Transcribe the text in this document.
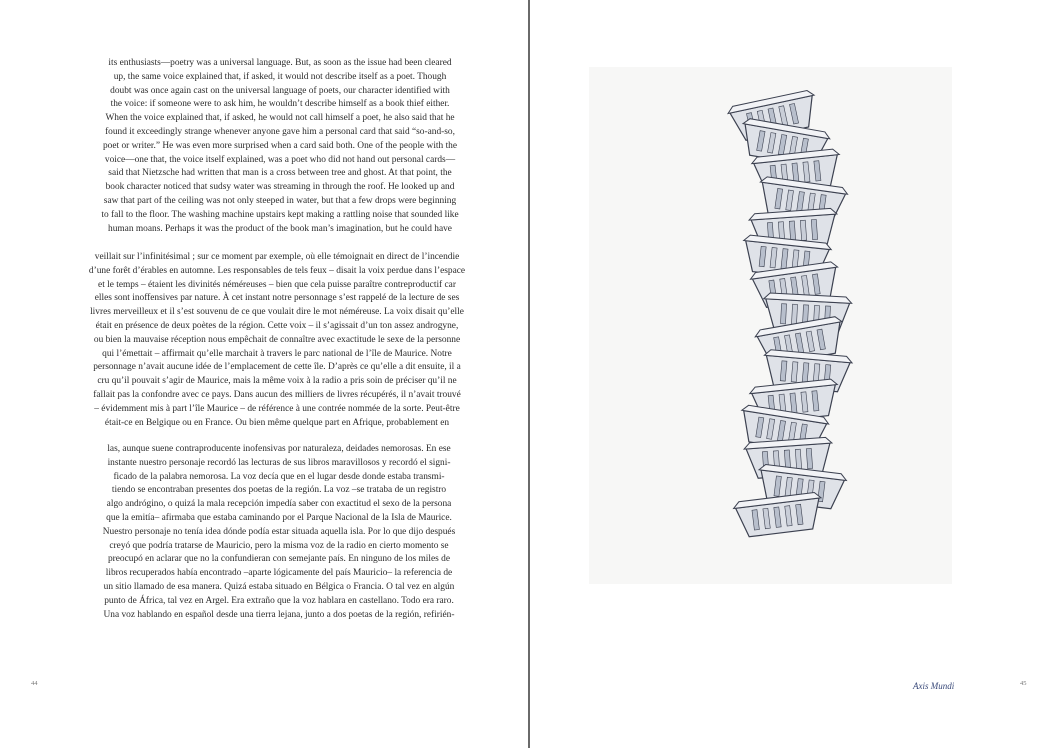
its enthusiasts—poetry was a universal language. But, as soon as the issue had been cleared
up, the same voice explained that, if asked, it would not describe itself as a poet. Though
doubt was once again cast on the universal language of poets, our character identified with
the voice: if someone were to ask him, he wouldn’t describe himself as a book thief either.
When the voice explained that, if asked, he would not call himself a poet, he also said that he
found it exceedingly strange whenever anyone gave him a personal card that said “so-and-so,
poet or writer.” He was even more surprised when a card said both. One of the people with the
voice—one that, the voice itself explained, was a poet who did not hand out personal cards—
said that Nietzsche had written that man is a cross between tree and ghost. At that point, the
book character noticed that sudsy water was streaming in through the roof. He looked up and
saw that part of the ceiling was not only steeped in water, but that a few drops were beginning
to fall to the floor. The washing machine upstairs kept making a rattling noise that sounded like
human moans. Perhaps it was the product of the book man’s imagination, but he could have
veillait sur l’infinitésimal ; sur ce moment par exemple, où elle témoignait en direct de l’incendie
d’une forêt d’érables en automne. Les responsables de tels feux – disait la voix perdue dans l’espace
et le temps – étaient les divinités néméreuses – bien que cela puisse paraître contreproductif car
elles sont inoffensives par nature. À cet instant notre personnage s’est rappelé de la lecture de ses
livres merveilleux et il s’est souvenu de ce que voulait dire le mot néméreuse. La voix disait qu’elle
était en présence de deux poètes de la région. Cette voix – il s’agissait d’un ton assez androgyne,
ou bien la mauvaise réception nous empêchait de connaître avec exactitude le sexe de la personne
qui l’émettait – affirmait qu’elle marchait à travers le parc national de l’île de Maurice. Notre
personnage n’avait aucune idée de l’emplacement de cette île. D’après ce qu’elle a dit ensuite, il a
cru qu’il pouvait s’agir de Maurice, mais la même voix à la radio a pris soin de préciser qu’il ne
fallait pas la confondre avec ce pays. Dans aucun des milliers de livres récupérés, il n’avait trouvé
– évidemment mis à part l’île Maurice – de référence à une contrée nommée de la sorte. Peut-être
était-ce en Belgique ou en France. Ou bien même quelque part en Afrique, probablement en
las, aunque suene contraproducente inofensivas por naturaleza, deidades nemorosas. En ese
instante nuestro personaje recordó las lecturas de sus libros maravillosos y recordó el signi-
ficado de la palabra nemorosa. La voz decía que en el lugar desde donde estaba transmi-
tiendo se encontraban presentes dos poetas de la región. La voz –se trataba de un registro
algo andrógino, o quizá la mala recepción impedía saber con exactitud el sexo de la persona
que la emitía– afirmaba que estaba caminando por el Parque Nacional de la Isla de Maurice.
Nuestro personaje no tenía idea dónde podía estar situada aquella isla. Por lo que dijo después
creyó que podría tratarse de Mauricio, pero la misma voz de la radio en cierto momento se
preocupó en aclarar que no la confundieran con semejante país. En ninguno de los miles de
libros recuperados había encontrado –aparte lógicamente del país Mauricio– la referencia de
un sitio llamado de esa manera. Quizá estaba situado en Bélgica o Francia. O tal vez en algún
punto de África, tal vez en Argel. Era extraño que la voz hablara en castellano. Todo era raro.
Una voz hablando en español desde una tierra lejana, junto a dos poetas de la región, refirién-
44	Axis Mundi	45
